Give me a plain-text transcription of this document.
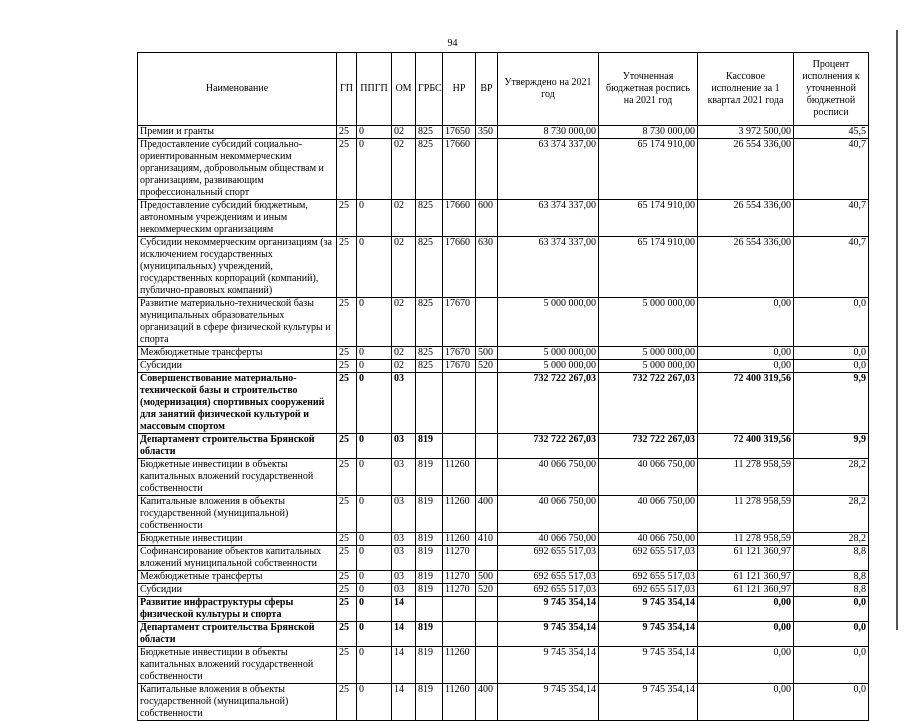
94
Наименование	ГП	ППГП	ОМ	ГРБС	НР	ВР	Утверждено на 2021 год	Уточненная бюджетная роспись на 2021 год	Кассовое исполнение за 1 квартал 2021 года	Процент исполнения к уточненной бюджетной росписи
Премии и гранты	25	0	02	825	17650	350	8 730 000,00	8 730 000,00	3 972 500,00	45,5
Предоставление субсидий социально-ориентированным некоммерческим организациям, добровольным обществам и организациям, развивающим профессиональный спорт	25	0	02	825	17660		63 374 337,00	65 174 910,00	26 554 336,00	40,7
Предоставление субсидий бюджетным, автономным учреждениям и иным некоммерческим организациям	25	0	02	825	17660	600	63 374 337,00	65 174 910,00	26 554 336,00	40,7
Субсидии некоммерческим организациям (за исключением государственных (муниципальных) учреждений, государственных корпораций (компаний), публично-правовых компаний)	25	0	02	825	17660	630	63 374 337,00	65 174 910,00	26 554 336,00	40,7
Развитие материально-технической базы муниципальных образовательных организаций в сфере физической культуры и спорта	25	0	02	825	17670		5 000 000,00	5 000 000,00	0,00	0,0
Межбюджетные трансферты	25	0	02	825	17670	500	5 000 000,00	5 000 000,00	0,00	0,0
Субсидии	25	0	02	825	17670	520	5 000 000,00	5 000 000,00	0,00	0,0
Совершенствование материально-технической базы и строительство (модернизация) спортивных сооружений для занятий физической культурой и массовым спортом	25	0	03				732 722 267,03	732 722 267,03	72 400 319,56	9,9
Департамент строительства Брянской области	25	0	03	819			732 722 267,03	732 722 267,03	72 400 319,56	9,9
Бюджетные инвестиции в объекты капитальных вложений государственной собственности	25	0	03	819	11260		40 066 750,00	40 066 750,00	11 278 958,59	28,2
Капитальные вложения в объекты государственной (муниципальной) собственности	25	0	03	819	11260	400	40 066 750,00	40 066 750,00	11 278 958,59	28,2
Бюджетные инвестиции	25	0	03	819	11260	410	40 066 750,00	40 066 750,00	11 278 958,59	28,2
Софинансирование объектов капитальных вложений муниципальной собственности	25	0	03	819	11270		692 655 517,03	692 655 517,03	61 121 360,97	8,8
Межбюджетные трансферты	25	0	03	819	11270	500	692 655 517,03	692 655 517,03	61 121 360,97	8,8
Субсидии	25	0	03	819	11270	520	692 655 517,03	692 655 517,03	61 121 360,97	8,8
Развитие инфраструктуры сферы физической культуры и спорта	25	0	14				9 745 354,14	9 745 354,14	0,00	0,0
Департамент строительства Брянской области	25	0	14	819			9 745 354,14	9 745 354,14	0,00	0,0
Бюджетные инвестиции в объекты капитальных вложений государственной собственности	25	0	14	819	11260		9 745 354,14	9 745 354,14	0,00	0,0
Капитальные вложения в объекты государственной (муниципальной) собственности	25	0	14	819	11260	400	9 745 354,14	9 745 354,14	0,00	0,0
